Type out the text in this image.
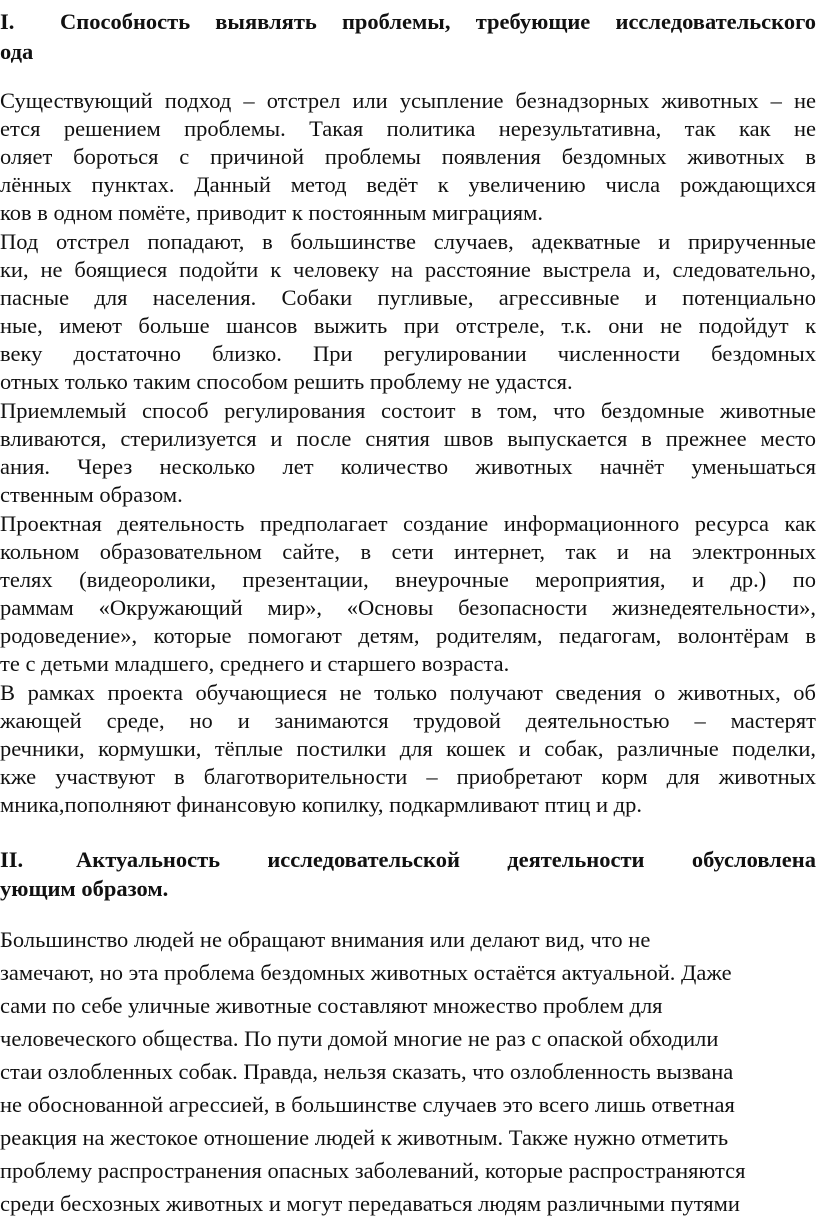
I. Способность выявлять проблемы, требующие исследовательского
ода
Существующий подход – отстрел или усыпление безнадзорных животных – не
ется решением проблемы. Такая политика нерезультативна, так как не
оляет бороться с причиной проблемы появления бездомных животных в
лённых пунктах. Данный метод ведёт к увеличению числа рождающихся
ков в одном помёте, приводит к постоянным миграциям.
Под отстрел попадают, в большинстве случаев, адекватные и прирученные
ки, не боящиеся подойти к человеку на расстояние выстрела и, следовательно,
пасные для населения. Собаки пугливые, агрессивные и потенциально
ные, имеют больше шансов выжить при отстреле, т.к. они не подойдут к
веку достаточно близко. При регулировании численности бездомных
отных только таким способом решить проблему не удастся.
Приемлемый способ регулирования состоит в том, что бездомные животные
вливаются, стерилизуется и после снятия швов выпускается в прежнее место
ания. Через несколько лет количество животных начнёт уменьшаться
ственным образом.
Проектная деятельность предполагает создание информационного ресурса как
кольном образовательном сайте, в сети интернет, так и на электронных
телях (видеоролики, презентации, внеурочные мероприятия, и др.) по
раммам «Окружающий мир», «Основы безопасности жизнедеятельности»,
родоведение», которые помогают детям, родителям, педагогам, волонтёрам в
те с детьми младшего, среднего и старшего возраста.
В рамках проекта обучающиеся не только получают сведения о животных, об
жающей среде, но и занимаются трудовой деятельностью – мастерят
речники, кормушки, тёплые постилки для кошек и собак, различные поделки,
кже участвуют в благотворительности – приобретают корм для животных
мника,пополняют финансовую копилку, подкармливают птиц и др.
II. Актуальность исследовательской деятельности обусловлена
ующим образом.
Большинство людей не обращают внимания или делают вид, что не
замечают, но эта проблема бездомных животных остаётся актуальной. Даже
сами по себе уличные животные составляют множество проблем для
человеческого общества. По пути домой многие не раз с опаской обходили
стаи озлобленных собак. Правда, нельзя сказать, что озлобленность вызвана
не обоснованной агрессией, в большинстве случаев это всего лишь ответная
реакция на жестокое отношение людей к животным. Также нужно отметить
проблему распространения опасных заболеваний, которые распространяются
среди бесхозных животных и могут передаваться людям различными путями
